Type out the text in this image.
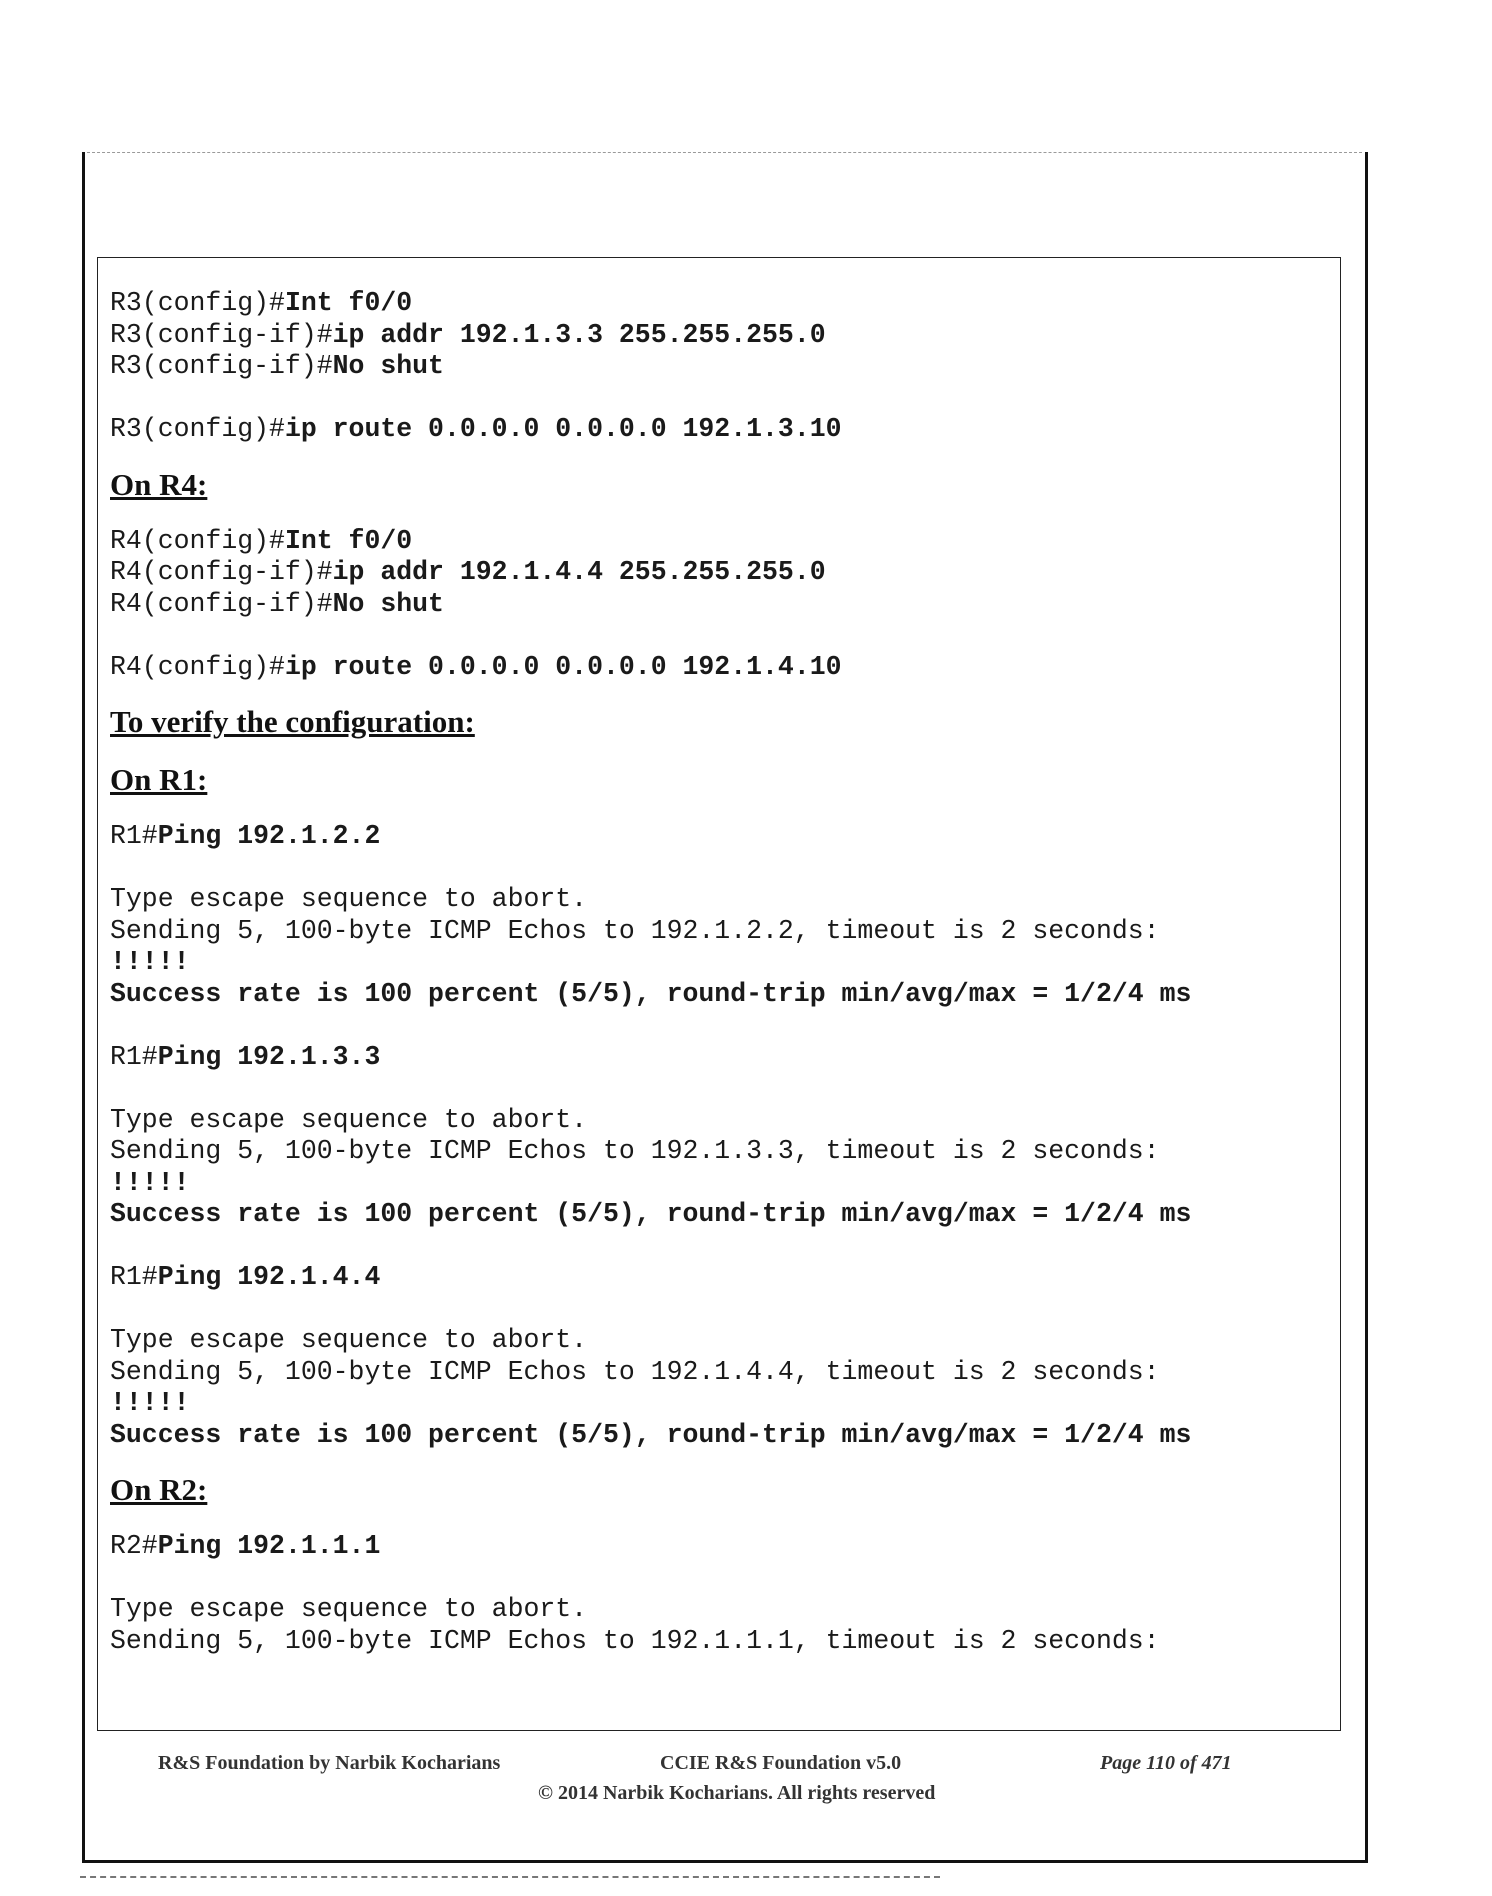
R3(config)#Int f0/0
R3(config-if)#ip addr 192.1.3.3 255.255.255.0
R3(config-if)#No shut
R3(config)#ip route 0.0.0.0 0.0.0.0 192.1.3.10
On R4:
R4(config)#Int f0/0
R4(config-if)#ip addr 192.1.4.4 255.255.255.0
R4(config-if)#No shut
R4(config)#ip route 0.0.0.0 0.0.0.0 192.1.4.10
To verify the configuration:
On R1:
R1#Ping 192.1.2.2
Type escape sequence to abort.
Sending 5, 100-byte ICMP Echos to 192.1.2.2, timeout is 2 seconds:
!!!!!
Success rate is 100 percent (5/5), round-trip min/avg/max = 1/2/4 ms
R1#Ping 192.1.3.3
Type escape sequence to abort.
Sending 5, 100-byte ICMP Echos to 192.1.3.3, timeout is 2 seconds:
!!!!!
Success rate is 100 percent (5/5), round-trip min/avg/max = 1/2/4 ms
R1#Ping 192.1.4.4
Type escape sequence to abort.
Sending 5, 100-byte ICMP Echos to 192.1.4.4, timeout is 2 seconds:
!!!!!
Success rate is 100 percent (5/5), round-trip min/avg/max = 1/2/4 ms
On R2:
R2#Ping 192.1.1.1
Type escape sequence to abort.
Sending 5, 100-byte ICMP Echos to 192.1.1.1, timeout is 2 seconds:
R&S Foundation by Narbik Kocharians	CCIE R&S Foundation v5.0	Page 110 of 471
© 2014 Narbik Kocharians. All rights reserved
